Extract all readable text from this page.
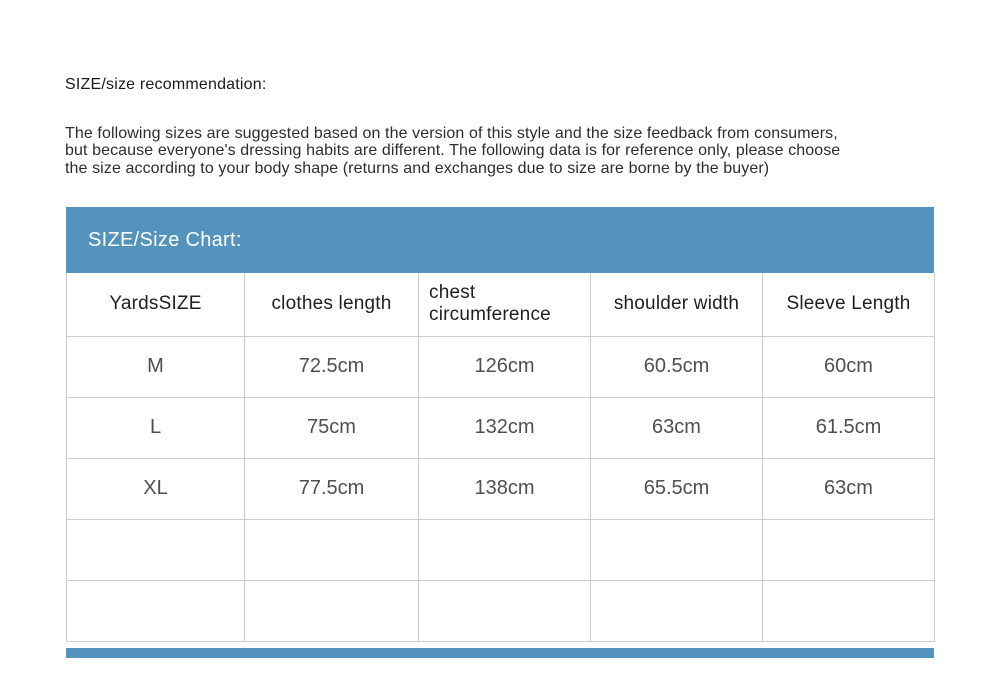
SIZE/size recommendation:
The following sizes are suggested based on the version of this style and the size feedback from consumers,
but because everyone's dressing habits are different. The following data is for reference only, please choose
the size according to your body shape (returns and exchanges due to size are borne by the buyer)
SIZE/Size Chart:
YardsSIZE	clothes length	chest circumference	shoulder width	Sleeve Length
M	72.5cm	126cm	60.5cm	60cm
L	75cm	132cm	63cm	61.5cm
XL	77.5cm	138cm	65.5cm	63cm
